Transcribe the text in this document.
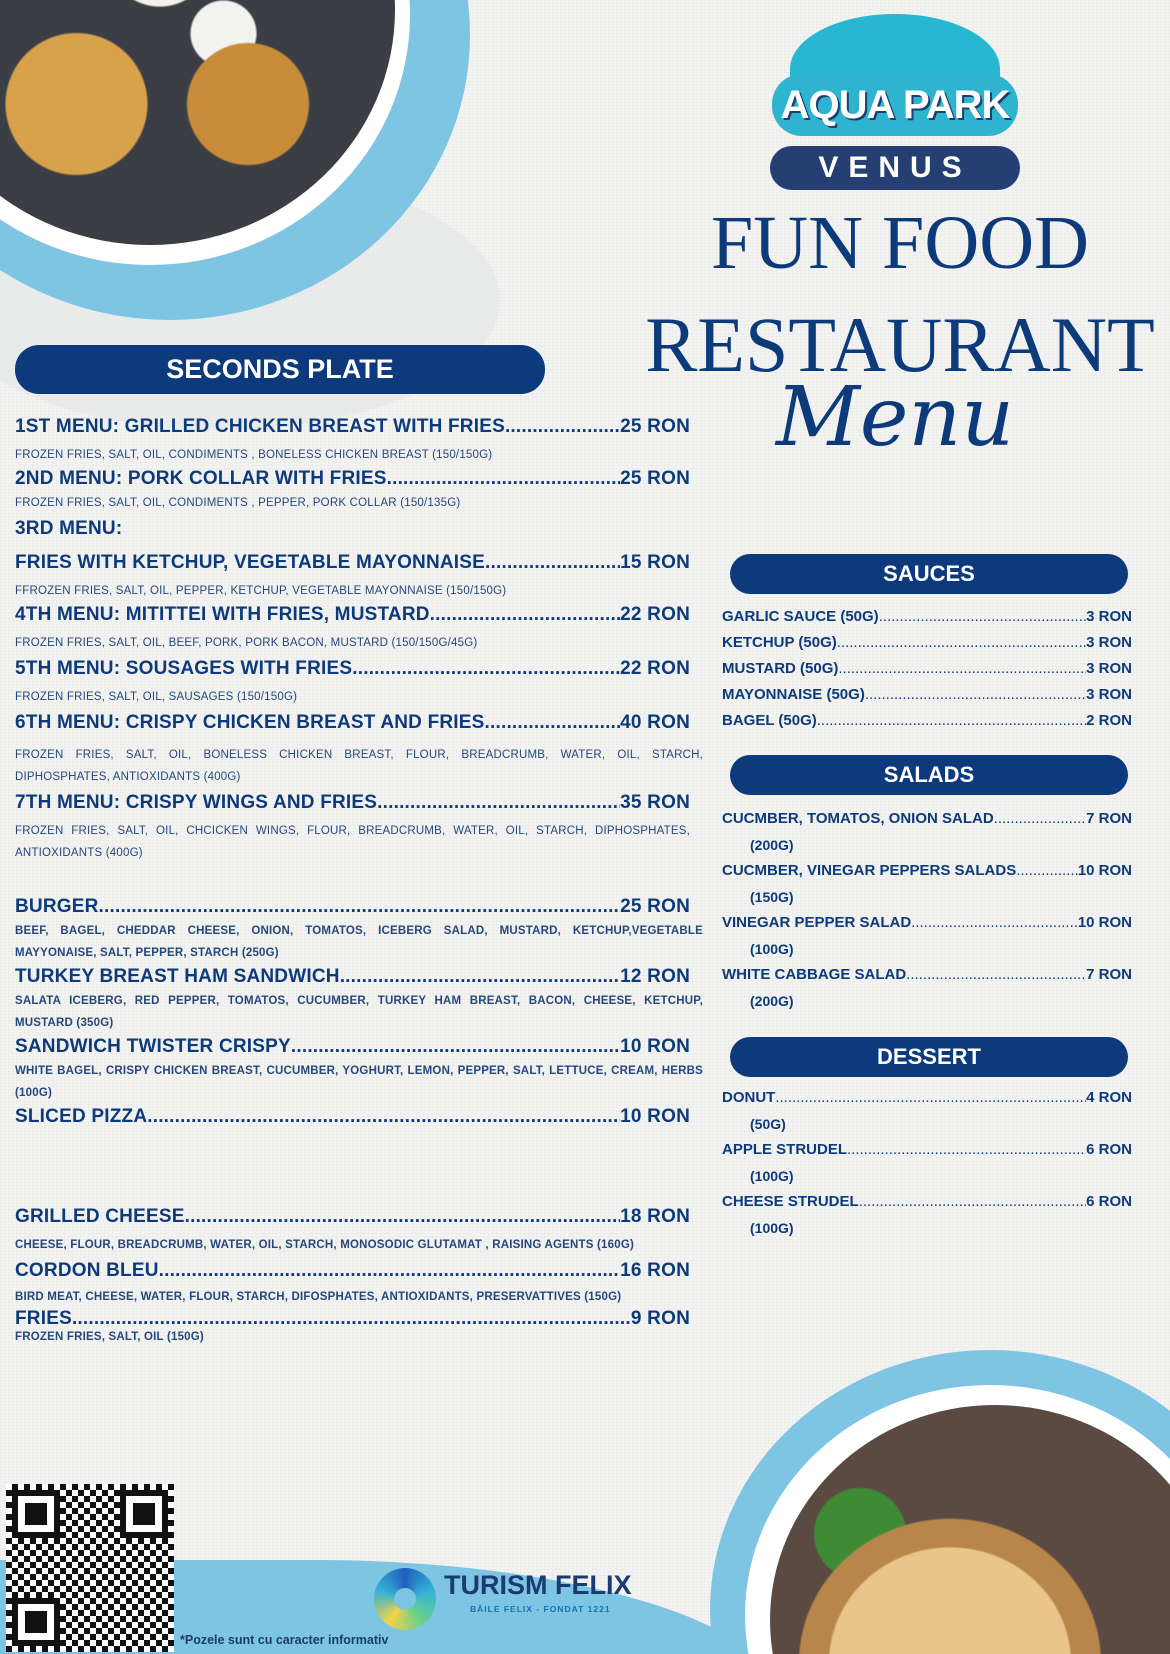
AQUA PARK
VENUS
FUN FOOD
RESTAURANT
Menu
SECONDS PLATE
1ST MENU: GRILLED CHICKEN BREAST WITH FRIES .....	25 RON
FROZEN FRIES, SALT, OIL, CONDIMENTS , BONELESS CHICKEN BREAST (150/150G)
2ND MENU: PORK COLLAR WITH FRIES .....	25 RON
FROZEN FRIES, SALT, OIL, CONDIMENTS , PEPPER, PORK COLLAR (150/135G)
3RD MENU:
FRIES WITH KETCHUP, VEGETABLE MAYONNAISE .....	15 RON
FFROZEN FRIES, SALT, OIL, PEPPER, KETCHUP, VEGETABLE MAYONNAISE (150/150G)
4TH MENU: MITITTEI WITH FRIES, MUSTARD .....	22 RON
FROZEN FRIES, SALT, OIL, BEEF, PORK, PORK BACON, MUSTARD (150/150G/45G)
5TH MENU: SOUSAGES WITH FRIES .....	22 RON
FROZEN FRIES, SALT, OIL, SAUSAGES (150/150G)
6TH MENU: CRISPY CHICKEN BREAST AND FRIES .....	40 RON
FROZEN FRIES, SALT, OIL, BONELESS CHICKEN BREAST, FLOUR, BREADCRUMB, WATER, OIL, STARCH, DIPHOSPHATES, ANTIOXIDANTS (400G)
7TH MENU: CRISPY WINGS AND FRIES .....	35 RON
FROZEN FRIES, SALT, OIL, CHCICKEN WINGS, FLOUR, BREADCRUMB, WATER, OIL, STARCH, DIPHOSPHATES, ANTIOXIDANTS (400G)
BURGER .....	25 RON
BEEF, BAGEL, CHEDDAR CHEESE, ONION, TOMATOS, ICEBERG SALAD, MUSTARD, KETCHUP,VEGETABLE MAYYONAISE, SALT, PEPPER, STARCH (250G)
TURKEY BREAST HAM SANDWICH .....	12 RON
SALATA ICEBERG, RED PEPPER, TOMATOS, CUCUMBER, TURKEY HAM BREAST, BACON, CHEESE, KETCHUP, MUSTARD (350G)
SANDWICH TWISTER CRISPY .....	10 RON
WHITE BAGEL, CRISPY CHICKEN BREAST, CUCUMBER, YOGHURT, LEMON, PEPPER, SALT, LETTUCE, CREAM, HERBS (100G)
SLICED PIZZA .....	10 RON
GRILLED CHEESE .....	18 RON
CHEESE, FLOUR, BREADCRUMB, WATER, OIL, STARCH, MONOSODIC GLUTAMAT , RAISING AGENTS (160G)
CORDON BLEU .....	16 RON
BIRD MEAT, CHEESE, WATER, FLOUR, STARCH, DIFOSPHATES, ANTIOXIDANTS, PRESERVATTIVES (150G)
FRIES .....	9 RON
FROZEN FRIES, SALT, OIL (150G)
SAUCES
GARLIC SAUCE (50G) .....	3 RON
KETCHUP (50G) .....	3 RON
MUSTARD (50G) .....	3 RON
MAYONNAISE (50G) .....	3 RON
BAGEL (50G) .....	2 RON
SALADS
CUCMBER, TOMATOS, ONION SALAD .....	7 RON
(200G)
CUCMBER, VINEGAR PEPPERS SALADS .....	10 RON
(150G)
VINEGAR PEPPER SALAD .....	10 RON
(100G)
WHITE CABBAGE SALAD .....	7 RON
(200G)
DESSERT
DONUT .....	4 RON
(50G)
APPLE STRUDEL .....	6 RON
(100G)
CHEESE STRUDEL .....	6 RON
(100G)
TURISM FELIX
BĂILE FELIX - FONDAT 1221
*Pozele sunt cu caracter informativ
